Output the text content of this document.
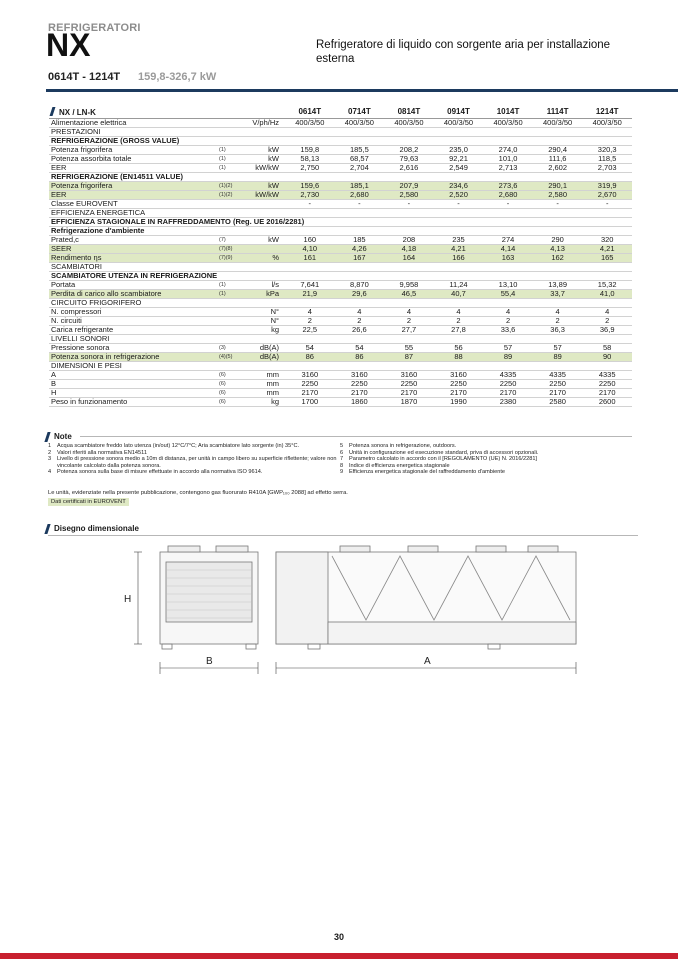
REFRIGERATORI
NX
0614T - 1214T 159,8-326,7 kW
Refrigeratore di liquido con sorgente aria per installazione esterna
NX / LN-K			0614T	0714T	0814T	0914T	1014T	1114T	1214T
Alimentazione elettrica		V/ph/Hz	400/3/50	400/3/50	400/3/50	400/3/50	400/3/50	400/3/50	400/3/50
PRESTAZIONI									
REFRIGERAZIONE (GROSS VALUE)									
Potenza frigorifera	(1)	kW	159,8	185,5	208,2	235,0	274,0	290,4	320,3
Potenza assorbita totale	(1)	kW	58,13	68,57	79,63	92,21	101,0	111,6	118,5
EER	(1)	kW/kW	2,750	2,704	2,616	2,549	2,713	2,602	2,703
REFRIGERAZIONE (EN14511 VALUE)									
Potenza frigorifera	(1)(2)	kW	159,6	185,1	207,9	234,6	273,6	290,1	319,9
EER	(1)(2)	kW/kW	2,730	2,680	2,580	2,520	2,680	2,580	2,670
Classe EUROVENT			-	-	-	-	-	-	-
EFFICIENZA ENERGETICA									
EFFICIENZA STAGIONALE IN RAFFREDDAMENTO (Reg. UE 2016/2281)									
Refrigerazione d'ambiente									
Prated,c	(7)	kW	160	185	208	235	274	290	320
SEER	(7)(8)		4,10	4,26	4,18	4,21	4,14	4,13	4,21
Rendimento ηs	(7)(9)	%	161	167	164	166	163	162	165
SCAMBIATORI									
SCAMBIATORE UTENZA IN REFRIGERAZIONE									
Portata	(1)	l/s	7,641	8,870	9,958	11,24	13,10	13,89	15,32
Perdita di carico allo scambiatore	(1)	kPa	21,9	29,6	46,5	40,7	55,4	33,7	41,0
CIRCUITO FRIGORIFERO									
N. compressori		N°	4	4	4	4	4	4	4
N. circuiti		N°	2	2	2	2	2	2	2
Carica refrigerante		kg	22,5	26,6	27,7	27,8	33,6	36,3	36,9
LIVELLI SONORI									
Pressione sonora	(3)	dB(A)	54	54	55	56	57	57	58
Potenza sonora in refrigerazione	(4)(5)	dB(A)	86	86	87	88	89	89	90
DIMENSIONI E PESI									
A	(6)	mm	3160	3160	3160	3160	4335	4335	4335
B	(6)	mm	2250	2250	2250	2250	2250	2250	2250
H	(6)	mm	2170	2170	2170	2170	2170	2170	2170
Peso in funzionamento	(6)	kg	1700	1860	1870	1990	2380	2580	2600
Note
1	Acqua scambiatore freddo lato utenza (in/out) 12°C/7°C; Aria scambiatore lato sorgente (in) 35°C.
2	Valori riferiti alla normativa EN14511
3	Livello di pressione sonora medio a 10m di distanza, per unità in campo libero su superficie riflettente; valore non vincolante calcolato dalla potenza sonora.
4	Potenza sonora sulla base di misure effettuate in accordo alla normativa ISO 9614.
5	Potenza sonora in refrigerazione, outdoors.
6	Unità in configurazione ed esecuzione standard, priva di accessori opzionali.
7	Parametro calcolato in accordo con il [REGOLAMENTO (UE) N. 2016/2281]
8	Indice di efficienza energetica stagionale
9	Efficienza energetica stagionale del raffreddamento d'ambiente
Le unità, evidenziate nella presente pubblicazione, contengono gas fluorurato R410A [GWP₁₀₀ 2088] ad effetto serra.
Dati certificati in EUROVENT
Disegno dimensionale
H
B	A
30
